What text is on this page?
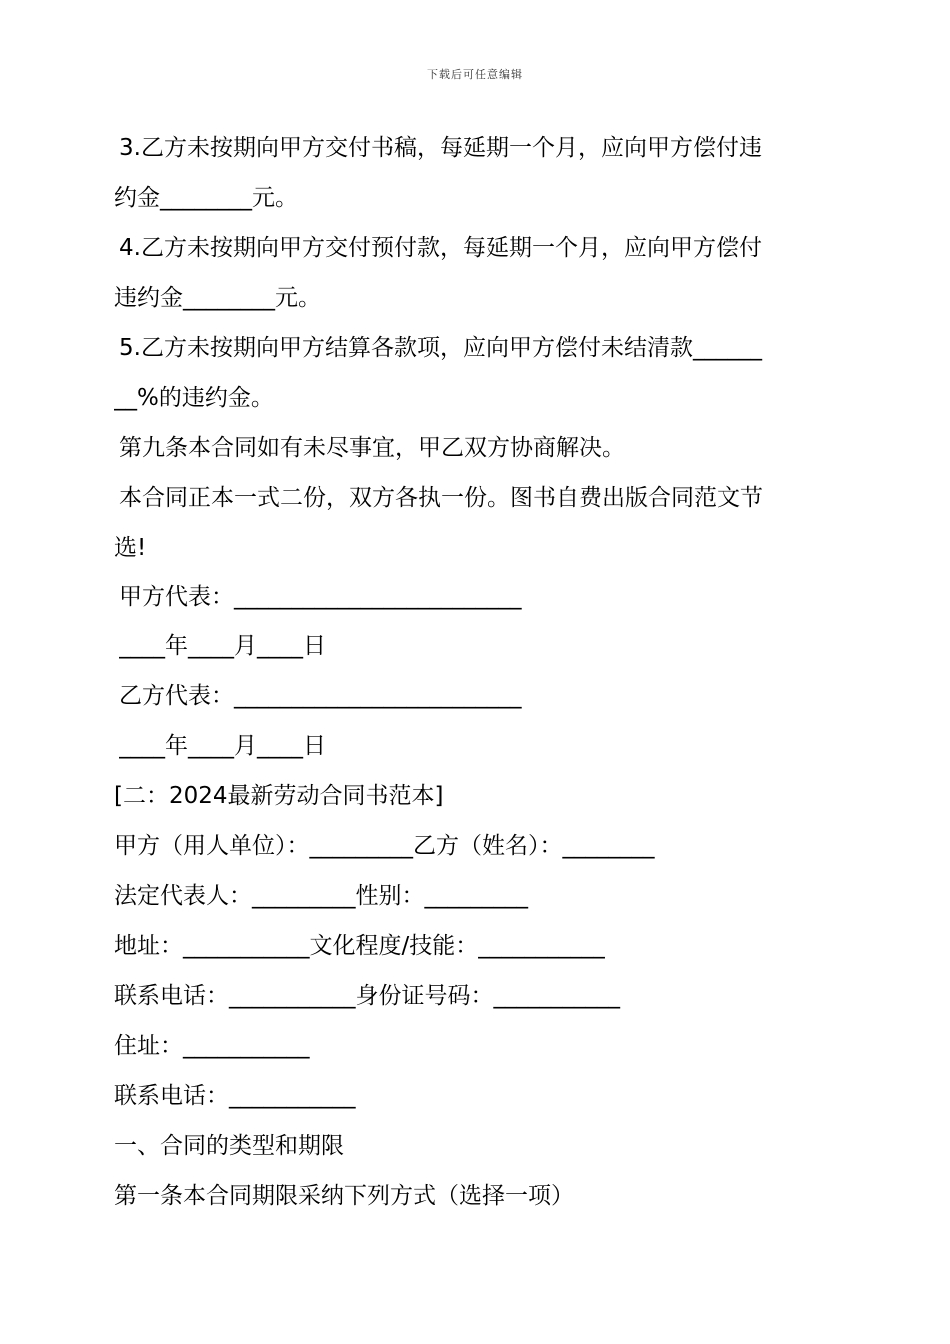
下载后可任意编辑
3.乙方未按期向甲方交付书稿，每延期一个月，应向甲方偿付违
约金________元。
4.乙方未按期向甲方交付预付款，每延期一个月，应向甲方偿付
违约金________元。
5.乙方未按期向甲方结算各款项，应向甲方偿付未结清款______
__%的违约金。
第九条本合同如有未尽事宜，甲乙双方协商解决。
本合同正本一式二份，双方各执一份。图书自费出版合同范文节
选!
甲方代表：_________________________
____年____月____日
乙方代表：_________________________
____年____月____日
[二：2024最新劳动合同书范本]
甲方（用人单位）：_________乙方（姓名）：________
法定代表人：_________性别：_________
地址：___________文化程度/技能：___________
联系电话：___________身份证号码：___________
住址：___________
联系电话：___________
一、合同的类型和期限
第一条本合同期限采纳下列方式（选择一项）
